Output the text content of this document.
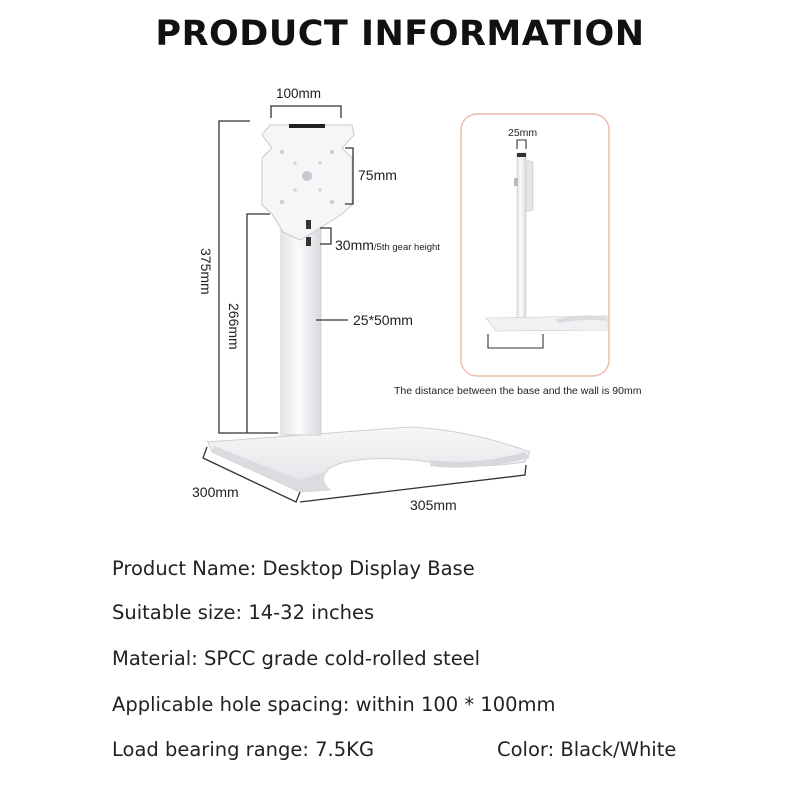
PRODUCT INFORMATION
100mm
75mm
30mm/5th gear height
375mm
266mm	25*50mm
300mm
305mm
25mm
The distance between the base and the wall is 90mm
Product Name: Desktop Display Base
Suitable size: 14-32 inches
Material: SPCC grade cold-rolled steel
Applicable hole spacing: within 100 * 100mm
Load bearing range: 7.5KG	Color: Black/White
